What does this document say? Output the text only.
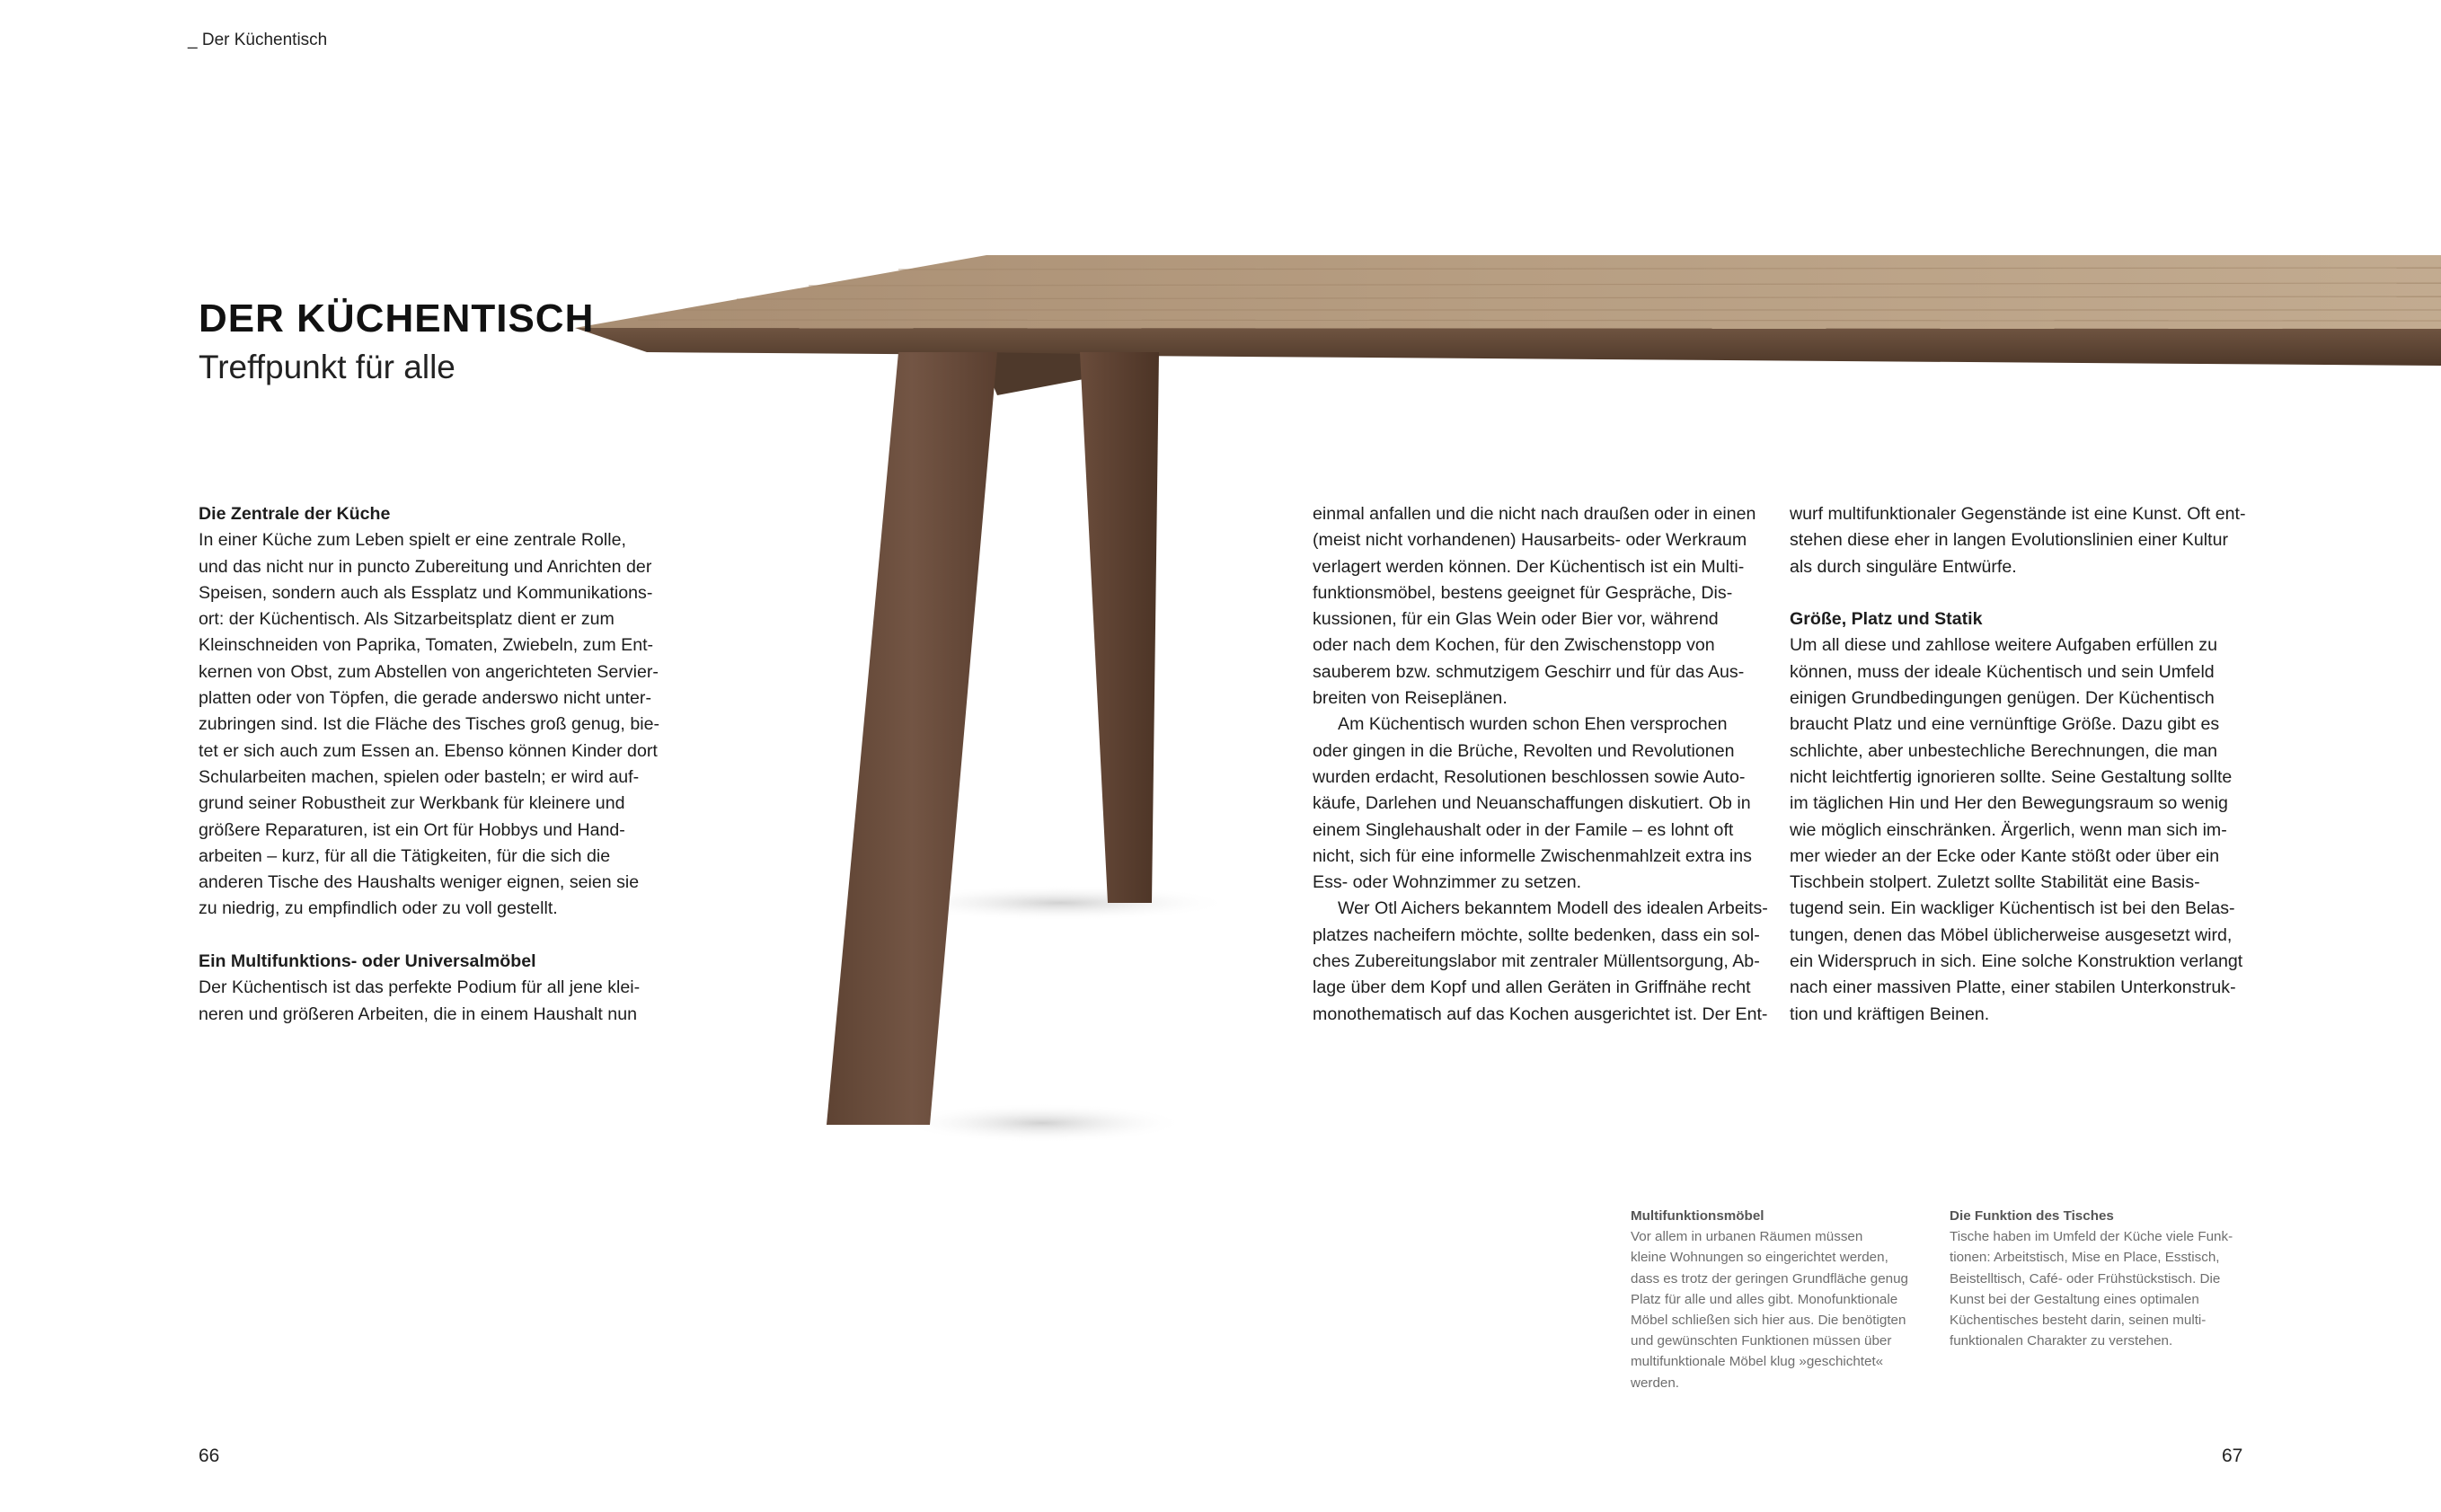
_ Der Küchentisch
DER KÜCHENTISCH
Treffpunkt für alle
Die Zentrale der Küche

In einer Küche zum Leben spielt er eine zentrale Rolle,

und das nicht nur in puncto Zubereitung und Anrichten der

Speisen, sondern auch als Essplatz und Kommunikations-

ort: der Küchentisch. Als Sitzarbeitsplatz dient er zum

Kleinschneiden von Paprika, Tomaten, Zwiebeln, zum Ent-

kernen von Obst, zum Abstellen von angerichteten Servier-

platten oder von Töpfen, die gerade anderswo nicht unter-

zubringen sind. Ist die Fläche des Tisches groß genug, bie-

tet er sich auch zum Essen an. Ebenso können Kinder dort

Schularbeiten machen, spielen oder basteln; er wird auf-

grund seiner Robustheit zur Werkbank für kleinere und

größere Reparaturen, ist ein Ort für Hobbys und Hand-

arbeiten – kurz, für all die Tätigkeiten, für die sich die

anderen Tische des Haushalts weniger eignen, seien sie

zu niedrig, zu empfindlich oder zu voll gestellt.

Ein Multifunktions- oder Universalmöbel

Der Küchentisch ist das perfekte Podium für all jene klei-

neren und größeren Arbeiten, die in einem Haushalt nun

einmal anfallen und die nicht nach draußen oder in einen

(meist nicht vorhandenen) Hausarbeits- oder Werkraum

verlagert werden können. Der Küchentisch ist ein Multi-

funktionsmöbel, bestens geeignet für Gespräche, Dis-

kussionen, für ein Glas Wein oder Bier vor, während

oder nach dem Kochen, für den Zwischenstopp von

sauberem bzw. schmutzigem Geschirr und für das Aus-

breiten von Reiseplänen.

Am Küchentisch wurden schon Ehen versprochen

oder gingen in die Brüche, Revolten und Revolutionen

wurden erdacht, Resolutionen beschlossen sowie Auto-

käufe, Darlehen und Neuanschaffungen diskutiert. Ob in

einem Singlehaushalt oder in der Famile – es lohnt oft

nicht, sich für eine informelle Zwischenmahlzeit extra ins

Ess- oder Wohnzimmer zu setzen.

Wer Otl Aichers bekanntem Modell des idealen Arbeits-

platzes nacheifern möchte, sollte bedenken, dass ein sol-

ches Zubereitungslabor mit zentraler Müllentsorgung, Ab-

lage über dem Kopf und allen Geräten in Griffnähe recht

monothematisch auf das Kochen ausgerichtet ist. Der Ent-

wurf multifunktionaler Gegenstände ist eine Kunst. Oft ent-

stehen diese eher in langen Evolutionslinien einer Kultur

als durch singuläre Entwürfe.

Größe, Platz und Statik

Um all diese und zahllose weitere Aufgaben erfüllen zu

können, muss der ideale Küchentisch und sein Umfeld

einigen Grundbedingungen genügen. Der Küchentisch

braucht Platz und eine vernünftige Größe. Dazu gibt es

schlichte, aber unbestechliche Berechnungen, die man

nicht leichtfertig ignorieren sollte. Seine Gestaltung sollte

im täglichen Hin und Her den Bewegungsraum so wenig

wie möglich einschränken. Ärgerlich, wenn man sich im-

mer wieder an der Ecke oder Kante stößt oder über ein

Tischbein stolpert. Zuletzt sollte Stabilität eine Basis-

tugend sein. Ein wackliger Küchentisch ist bei den Belas-

tungen, denen das Möbel üblicherweise ausgesetzt wird,

ein Widerspruch in sich. Eine solche Konstruktion verlangt

nach einer massiven Platte, einer stabilen Unterkonstruk-

tion und kräftigen Beinen.

Multifunktionsmöbel

Vor allem in urbanen Räumen müssen

kleine Wohnungen so eingerichtet werden,

dass es trotz der geringen Grundfläche genug

Platz für alle und alles gibt. Monofunktionale

Möbel schließen sich hier aus. Die benötigten

und gewünschten Funktionen müssen über

multifunktionale Möbel klug »geschichtet«

werden.

Die Funktion des Tisches

Tische haben im Umfeld der Küche viele Funk-

tionen: Arbeitstisch, Mise en Place, Esstisch,

Beistelltisch, Café- oder Frühstückstisch. Die

Kunst bei der Gestaltung eines optimalen

Küchentisches besteht darin, seinen multi-

funktionalen Charakter zu verstehen.

66	67
